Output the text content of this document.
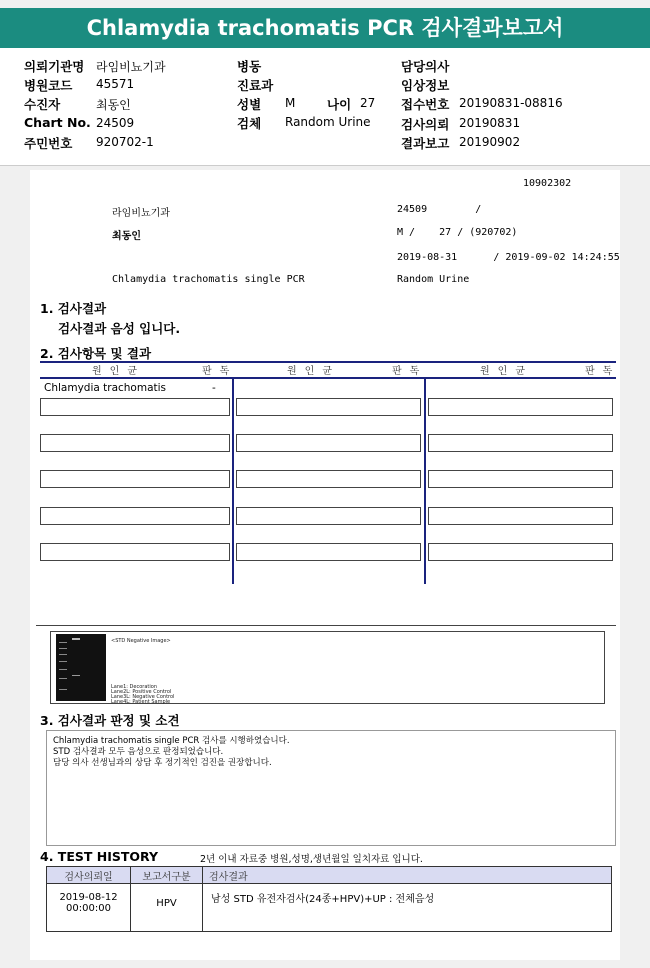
Chlamydia trachomatis PCR 검사결과보고서
의뢰기관명 라임비뇨기과
병원코드 45571
수진자	최동인
Chart No. 24509
주민번호 920702-1
병동
진료과
성별 M	나이 27
검체 Random Urine
담당의사
임상정보
접수번호 20190831-08816
검사의뢰 20190831
결과보고 20190902
10902302
라임비뇨기과	24509        /
최동인	M /    27 / (920702)
2019-08-31      / 2019-09-02 14:24:55
Chlamydia trachomatis single PCR	Random Urine
1. 검사결과
검사결과 음성 입니다.
2. 검사항목 및 결과
원인균	판독	원인균	판독	원인균	판독
Chlamydia trachomatis	-
<STD Negative Image>
Lane1: Decoration
Lane2L: Positive Control
Lane3L: Negative Control
Lane4L: Patient Sample
3. 검사결과 판정 및 소견
Chlamydia trachomatis single PCR 검사를 시행하였습니다.
STD 검사결과 모두 음성으로 판정되었습니다.
담당 의사 선생님과의 상담 후 정기적인 검진을 권장합니다.
4. TEST HISTORY	2년 이내 자료중 병원,성명,생년월일 일치자료 입니다.
검사의뢰일	보고서구분	검사결과

2019-08-12
00:00:00	HPV	남성 STD 유전자검사(24종+HPV)+UP : 전체음성
